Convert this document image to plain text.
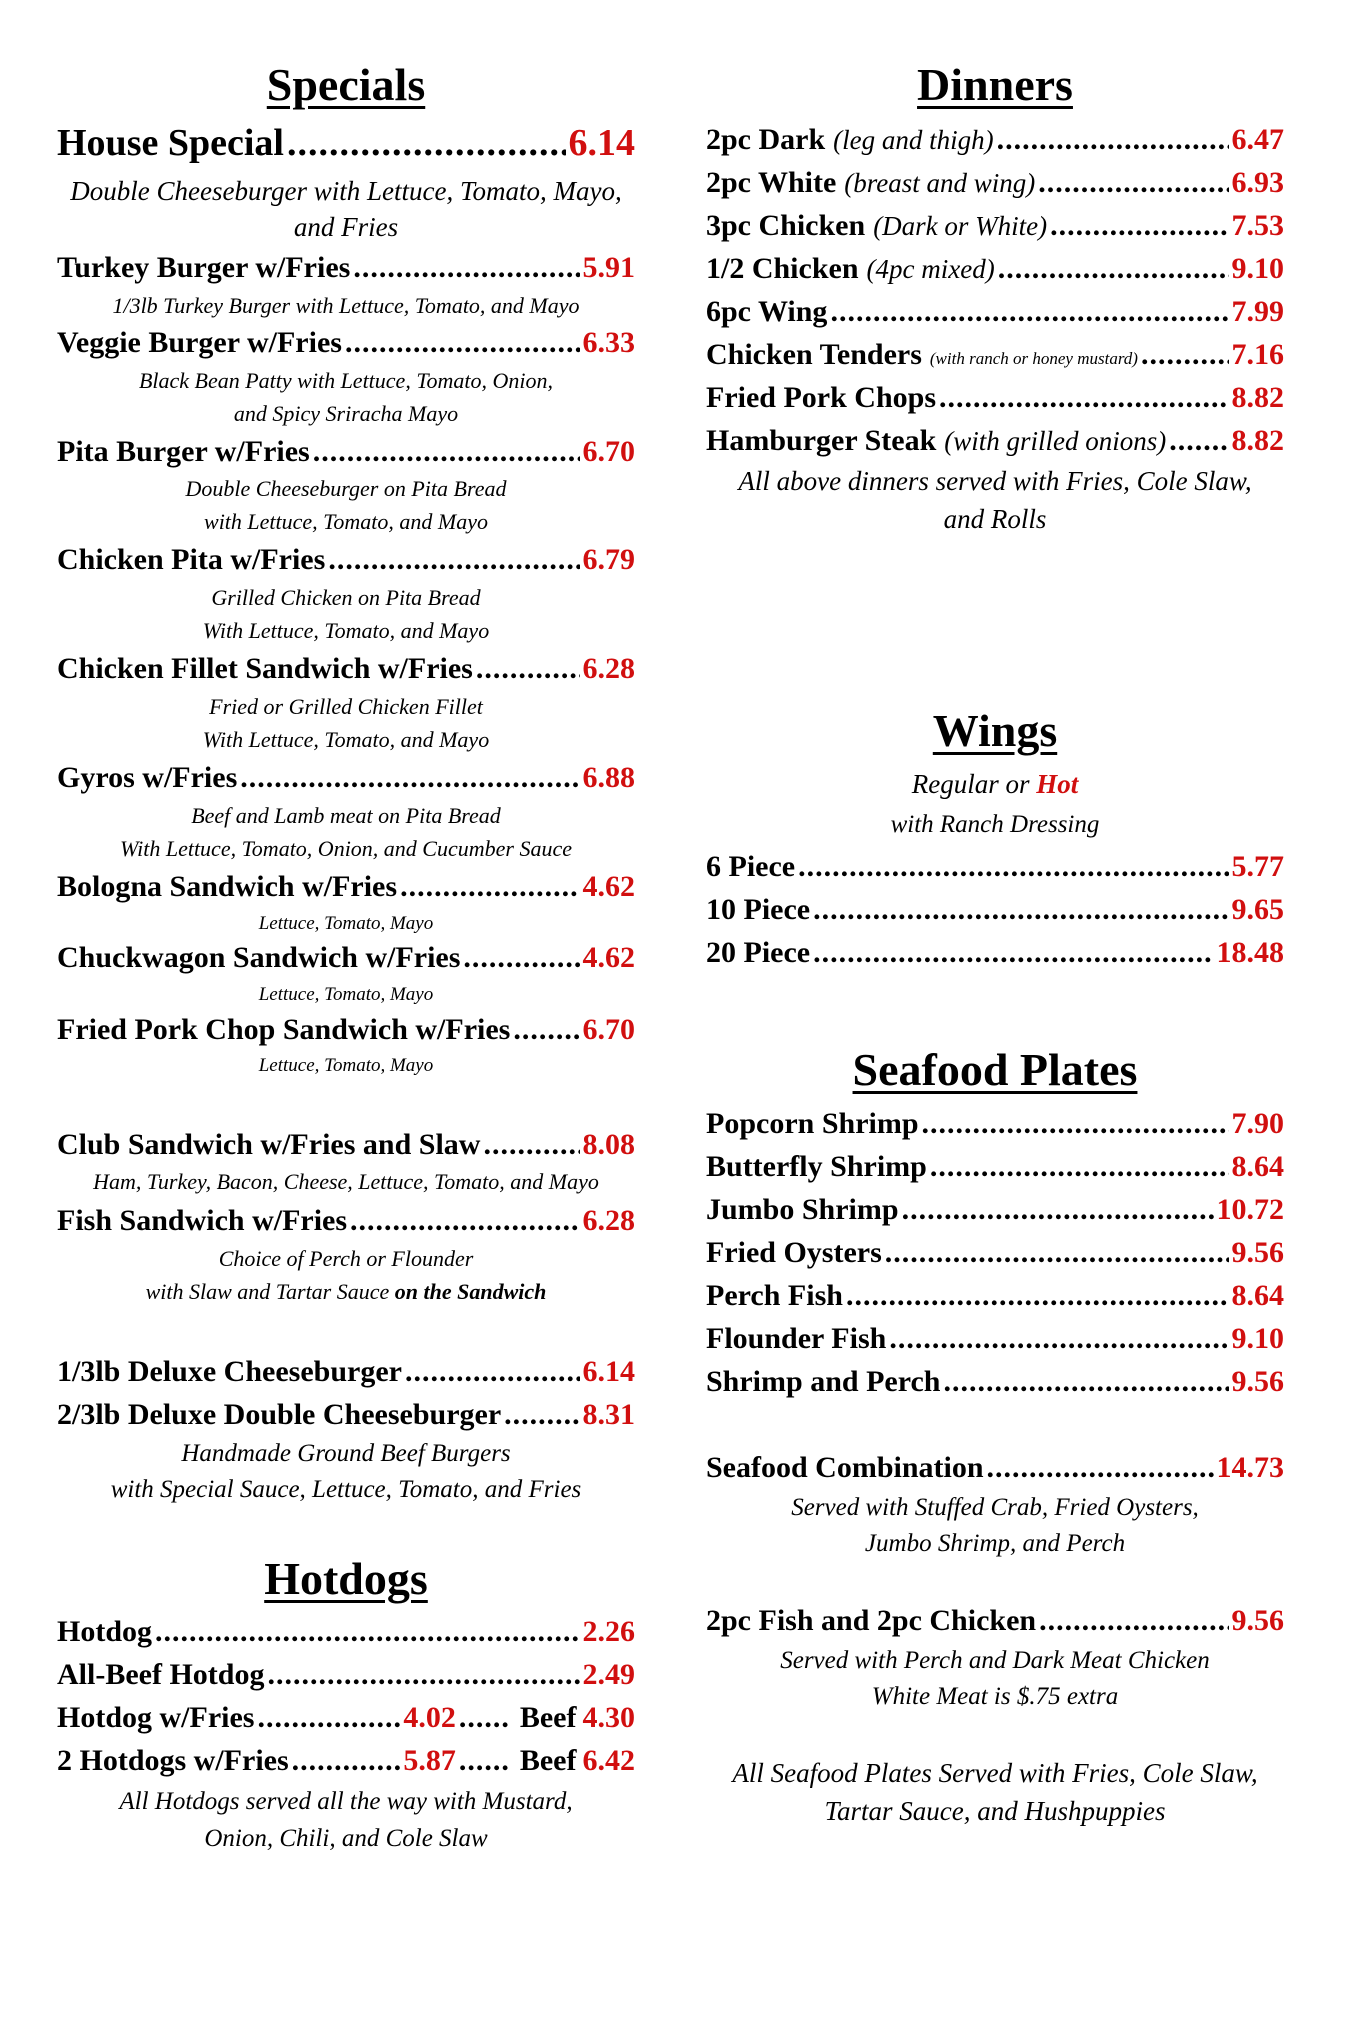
Specials
House Special .....	6.14
Double Cheeseburger with Lettuce, Tomato, Mayo,
and Fries
Turkey Burger w/Fries .....	5.91
1/3lb Turkey Burger with Lettuce, Tomato, and Mayo
Veggie Burger w/Fries .....	6.33
Black Bean Patty with Lettuce, Tomato, Onion,
and Spicy Sriracha Mayo
Pita Burger w/Fries .....	6.70
Double Cheeseburger on Pita Bread
with Lettuce, Tomato, and Mayo
Chicken Pita w/Fries .....	6.79
Grilled Chicken on Pita Bread
With Lettuce, Tomato, and Mayo
Chicken Fillet Sandwich w/Fries .....	6.28
Fried or Grilled Chicken Fillet
With Lettuce, Tomato, and Mayo
Gyros w/Fries .....	6.88
Beef and Lamb meat on Pita Bread
With Lettuce, Tomato, Onion, and Cucumber Sauce
Bologna Sandwich w/Fries .....	4.62
Lettuce, Tomato, Mayo
Chuckwagon Sandwich w/Fries .....	4.62
Lettuce, Tomato, Mayo
Fried Pork Chop Sandwich w/Fries ..... 6.70
Lettuce, Tomato, Mayo
Club Sandwich w/Fries and Slaw .....	8.08
Ham, Turkey, Bacon, Cheese, Lettuce, Tomato, and Mayo
Fish Sandwich w/Fries .....	6.28
Choice of Perch or Flounder
with Slaw and Tartar Sauce on the Sandwich
1/3lb Deluxe Cheeseburger .....	6.14
2/3lb Deluxe Double Cheeseburger .....	8.31
Handmade Ground Beef Burgers
with Special Sauce, Lettuce, Tomato, and Fries
Hotdogs
Hotdog .....	2.26
All-Beef Hotdog .....	2.49
Hotdog w/Fries .....	4.02 ..... Beef 4.30
2 Hotdogs w/Fries .....	5.87 ..... Beef 6.42
All Hotdogs served all the way with Mustard,
Onion, Chili, and Cole Slaw
Dinners
2pc Dark (leg and thigh) .....	6.47
2pc White (breast and wing) .....	6.93
3pc Chicken (Dark or White) .....	7.53
1/2 Chicken (4pc mixed) .....	9.10
6pc Wing .....	7.99
Chicken Tenders (with ranch or honey mustard) .....	7.16
Fried Pork Chops .....	8.82
Hamburger Steak (with grilled onions) ..... 8.82
All above dinners served with Fries, Cole Slaw,
and Rolls
Wings
Regular or Hot
with Ranch Dressing
6 Piece .....	5.77
10 Piece .....	9.65
20 Piece .....	18.48
Seafood Plates
Popcorn Shrimp .....	7.90
Butterfly Shrimp .....	8.64
Jumbo Shrimp .....	10.72
Fried Oysters .....	9.56
Perch Fish .....	8.64
Flounder Fish .....	9.10
Shrimp and Perch .....	9.56
Seafood Combination .....	14.73
Served with Stuffed Crab, Fried Oysters,
Jumbo Shrimp, and Perch
2pc Fish and 2pc Chicken .....	9.56
Served with Perch and Dark Meat Chicken
White Meat is $.75 extra
All Seafood Plates Served with Fries, Cole Slaw,
Tartar Sauce, and Hushpuppies
